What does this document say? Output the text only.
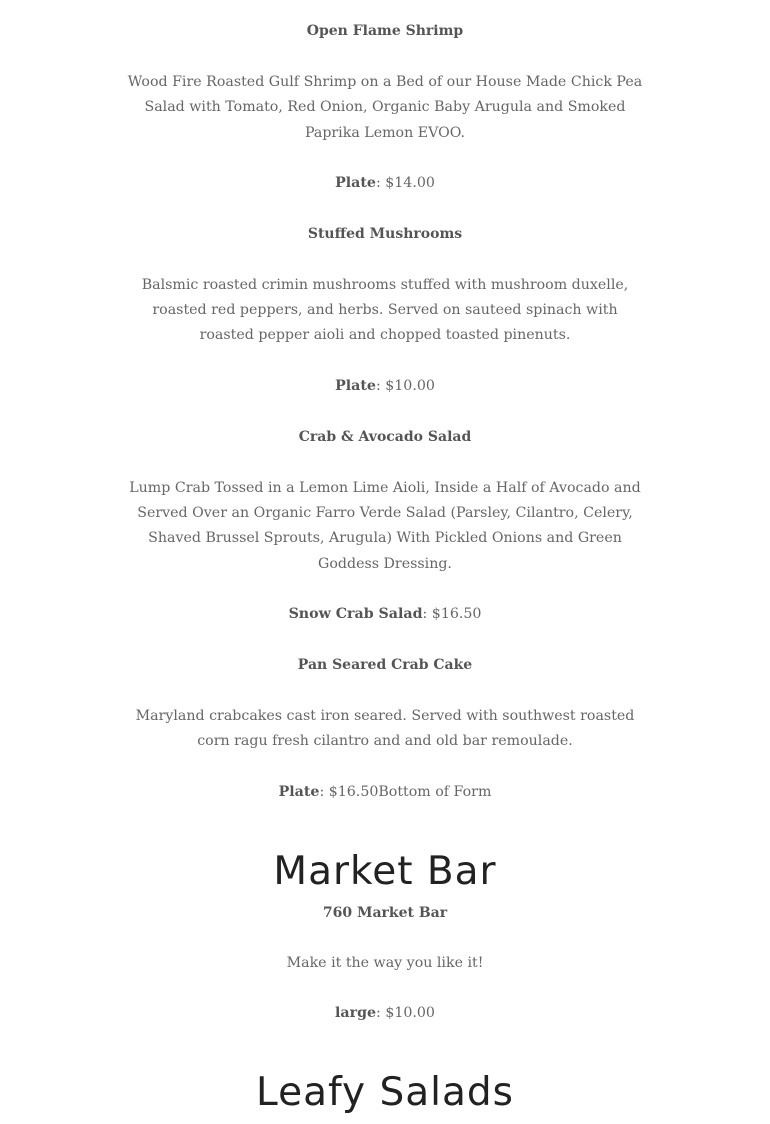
Open Flame Shrimp
Wood Fire Roasted Gulf Shrimp on a Bed of our House Made Chick Pea Salad with Tomato, Red Onion, Organic Baby Arugula and Smoked Paprika Lemon EVOO.
Plate: $14.00
Stuffed Mushrooms
Balsmic roasted crimin mushrooms stuffed with mushroom duxelle, roasted red peppers, and herbs. Served on sauteed spinach with roasted pepper aioli and chopped toasted pinenuts.
Plate: $10.00
Crab & Avocado Salad
Lump Crab Tossed in a Lemon Lime Aioli, Inside a Half of Avocado and Served Over an Organic Farro Verde Salad (Parsley, Cilantro, Celery, Shaved Brussel Sprouts, Arugula) With Pickled Onions and Green Goddess Dressing.
Snow Crab Salad: $16.50
Pan Seared Crab Cake
Maryland crabcakes cast iron seared. Served with southwest roasted corn ragu fresh cilantro and and old bar remoulade.
Plate: $16.50Bottom of Form
Market Bar
760 Market Bar
Make it the way you like it!
large: $10.00
Leafy Salads
